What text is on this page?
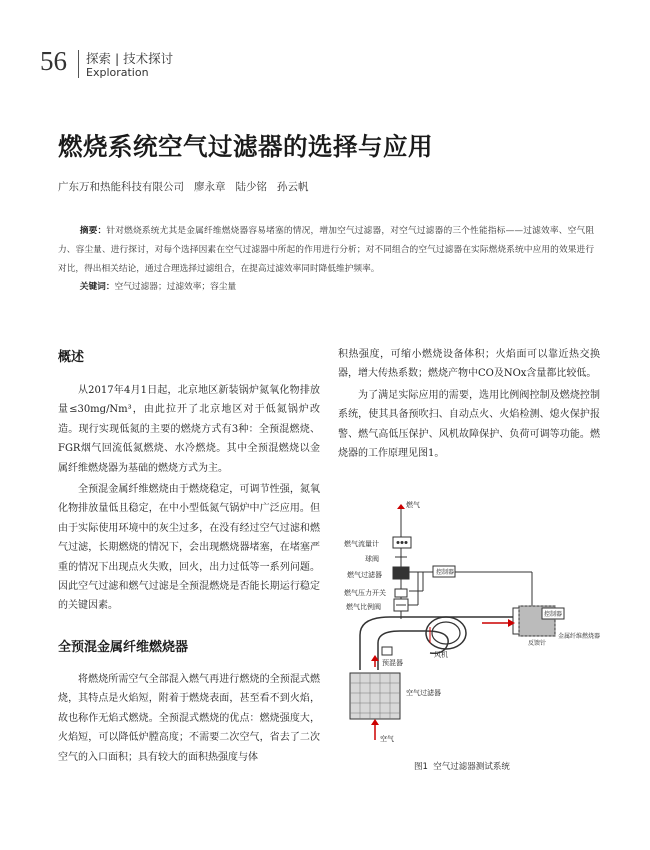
56 探索 | 技术探讨
Exploration
燃烧系统空气过滤器的选择与应用
广东万和热能科技有限公司   廖永章   陆少铭   孙云帆
摘要：针对燃烧系统尤其是金属纤维燃烧器容易堵塞的情况，增加空气过滤器，对空气过滤器的三个性能指标——过滤效率、空气阻力、容尘量、进行探讨，对每个选择因素在空气过滤器中所起的作用进行分析；对不同组合的空气过滤器在实际燃烧系统中应用的效果进行对比，得出相关结论，通过合理选择过滤组合，在提高过滤效率同时降低维护频率。
关键词：空气过滤器；过滤效率；容尘量
概述

从2017年4月1日起，北京地区新装锅炉氮氧化物排放量≤30mg/Nm³，由此拉开了北京地区对于低氮锅炉改造。现行实现低氮的主要的燃烧方式有3种：全预混燃烧、FGR烟气回流低氮燃烧、水冷燃烧。其中全预混燃烧以金属纤维燃烧器为基础的燃烧方式为主。

全预混金属纤维燃烧由于燃烧稳定，可调节性强，氮氧化物排放量低且稳定，在中小型低氮气锅炉中广泛应用。但由于实际使用环境中的灰尘过多，在没有经过空气过滤和燃气过滤，长期燃烧的情况下，会出现燃烧器堵塞，在堵塞严重的情况下出现点火失败，回火，出力过低等一系列问题。因此空气过滤和燃气过滤是全预混燃烧是否能长期运行稳定的关键因素。

全预混金属纤维燃烧器

将燃烧所需空气全部混入燃气再进行燃烧的全预混式燃烧，其特点是火焰短，附着于燃烧表面，甚至看不到火焰，故也称作无焰式燃烧。全预混式燃烧的优点：燃烧强度大，火焰短，可以降低炉膛高度；不需要二次空气，省去了二次空气的入口面积；具有较大的面积热强度与体

积热强度，可缩小燃烧设备体积；火焰面可以靠近热交换器，增大传热系数；燃烧产物中CO及NOx含量都比较低。

为了满足实际应用的需要，选用比例阀控制及燃烧控制系统，使其具备预吹扫、自动点火、火焰检测、熄火保护报警、燃气高低压保护、风机故障保护、负荷可调等功能。燃烧器的工作原理见图1。

燃气
燃气流量计
球阀
燃气过滤器
燃气压力开关
燃气比例阀
控制器
控制器
反馈针
金属纤维燃烧器
预混器
风机
空气过滤器
空气
图1  空气过滤器测试系统
